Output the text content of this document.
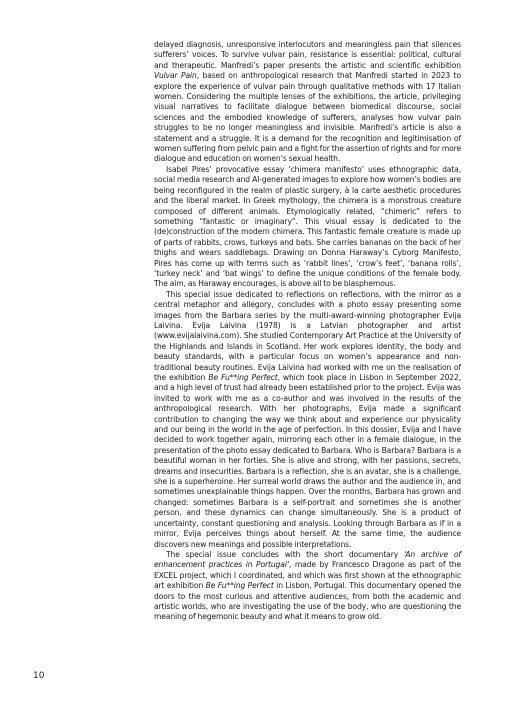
delayed diagnosis, unresponsive interlocutors and meaningless pain that silences sufferers’ voices. To survive vulvar pain, resistance is essential: political, cultural and therapeutic. Manfredi’s paper presents the artistic and scientific exhibition Vulvar Pain, based on anthropological research that Manfredi started in 2023 to explore the experience of vulvar pain through qualitative methods with 17 Italian women. Considering the multiple lenses of the exhibitions, the article, privileging visual narratives to facilitate dialogue between biomedical discourse, social sciences and the embodied knowledge of sufferers, analyses how vulvar pain struggles to be no longer meaningless and invisible. Manfredi’s article is also a statement and a struggle. It is a demand for the recognition and legitimisation of women suffering from pelvic pain and a fight for the assertion of rights and for more dialogue and education on women’s sexual health.

Isabel Pires’ provocative essay ‘chimera manifesto’ uses ethnographic data, social media research and AI-generated images to explore how women’s bodies are being reconfigured in the realm of plastic surgery, à la carte aesthetic procedures and the liberal market. In Greek mythology, the chimera is a monstrous creature composed of different animals. Etymologically related, “chimeric” refers to something “fantastic or imaginary”. This visual essay is dedicated to the (de)construction of the modern chimera. This fantastic female creature is made up of parts of rabbits, crows, turkeys and bats. She carries bananas on the back of her thighs and wears saddlebags. Drawing on Donna Haraway’s Cyborg Manifesto, Pires has come up with terms such as ‘rabbit lines’, ‘crow’s feet’, ‘banana rolls’, ‘turkey neck’ and ‘bat wings’ to define the unique conditions of the female body. The aim, as Haraway encourages, is above all to be blasphemous.

This special issue dedicated to reflections on reflections, with the mirror as a central metaphor and allegory, concludes with a photo essay presenting some images from the Barbara series by the multi-award-winning photographer Evija Laivina. Evija Laivina (1978) is a Latvian photographer and artist (www.evijalaivina.com). She studied Contemporary Art Practice at the University of the Highlands and Islands in Scotland. Her work explores identity, the body and beauty standards, with a particular focus on women’s appearance and non-traditional beauty routines. Evija Laivina had worked with me on the realisation of the exhibition Be Fu**ing Perfect, which took place in Lisbon in September 2022, and a high level of trust had already been established prior to the project. Evija was invited to work with me as a co-author and was involved in the results of the anthropological research. With her photographs, Evija made a significant contribution to changing the way we think about and experience our physicality and our being in the world in the age of perfection. In this dossier, Evija and I have decided to work together again, mirroring each other in a female dialogue, in the presentation of the photo essay dedicated to Barbara. Who is Barbara? Barbara is a beautiful woman in her forties. She is alive and strong, with her passions, secrets, dreams and insecurities. Barbara is a reflection, she is an avatar, she is a challenge, she is a superheroine. Her surreal world draws the author and the audience in, and sometimes unexplainable things happen. Over the months, Barbara has grown and changed: sometimes Barbara is a self-portrait and sometimes she is another person, and these dynamics can change simultaneously. She is a product of uncertainty, constant questioning and analysis. Looking through Barbara as if in a mirror, Evija perceives things about herself. At the same time, the audience discovers new meanings and possible interpretations.

The special issue concludes with the short documentary ‘An archive of enhancement practices in Portugal’, made by Francesco Dragone as part of the EXCEL project, which I coordinated, and which was first shown at the ethnographic art exhibition Be Fu**ing Perfect in Lisbon, Portugal. This documentary opened the doors to the most curious and attentive audiences, from both the academic and artistic worlds, who are investigating the use of the body, who are questioning the meaning of hegemonic beauty and what it means to grow old.

10
